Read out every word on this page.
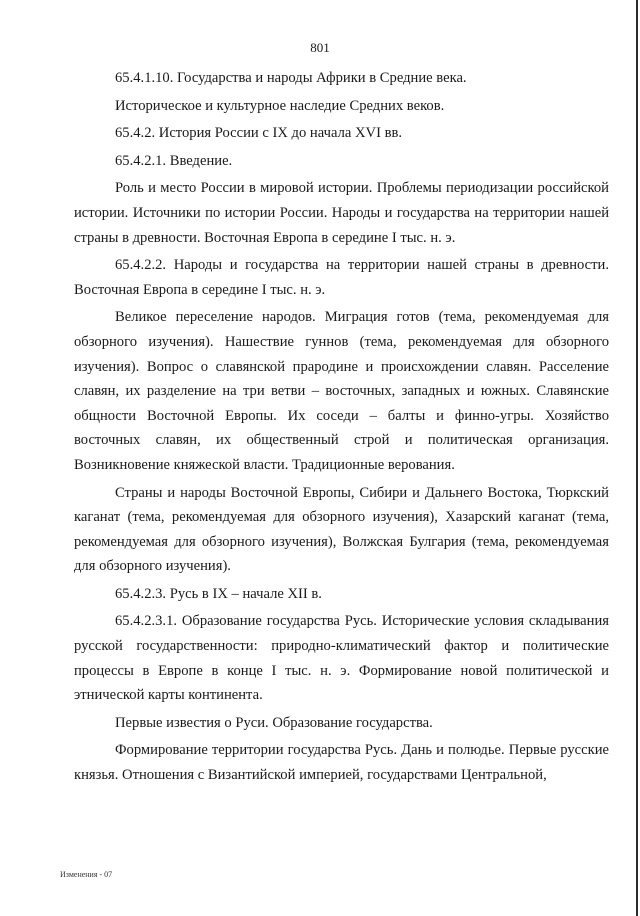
801

65.4.1.10. Государства и народы Африки в Средние века.

Историческое и культурное наследие Средних веков.

65.4.2. История России с IX до начала XVI вв.

65.4.2.1. Введение.

Роль и место России в мировой истории. Проблемы периодизации российской истории. Источники по истории России. Народы и государства на территории нашей страны в древности. Восточная Европа в середине I тыс. н. э.

65.4.2.2. Народы и государства на территории нашей страны в древности. Восточная Европа в середине I тыс. н. э.

Великое переселение народов. Миграция готов (тема, рекомендуемая для обзорного изучения). Нашествие гуннов (тема, рекомендуемая для обзорного изучения). Вопрос о славянской прародине и происхождении славян. Расселение славян, их разделение на три ветви – восточных, западных и южных. Славянские общности Восточной Европы. Их соседи – балты и финно-угры. Хозяйство восточных славян, их общественный строй и политическая организация. Возникновение княжеской власти. Традиционные верования.

Страны и народы Восточной Европы, Сибири и Дальнего Востока, Тюркский каганат (тема, рекомендуемая для обзорного изучения), Хазарский каганат (тема, рекомендуемая для обзорного изучения), Волжская Булгария (тема, рекомендуемая для обзорного изучения).

65.4.2.3. Русь в IX – начале XII в.

65.4.2.3.1. Образование государства Русь. Исторические условия складывания русской государственности: природно-климатический фактор и политические процессы в Европе в конце I тыс. н. э. Формирование новой политической и этнической карты континента.

Первые известия о Руси. Образование государства.

Формирование территории государства Русь. Дань и полюдье. Первые русские князья. Отношения с Византийской империей, государствами Центральной,

Изменения - 07
